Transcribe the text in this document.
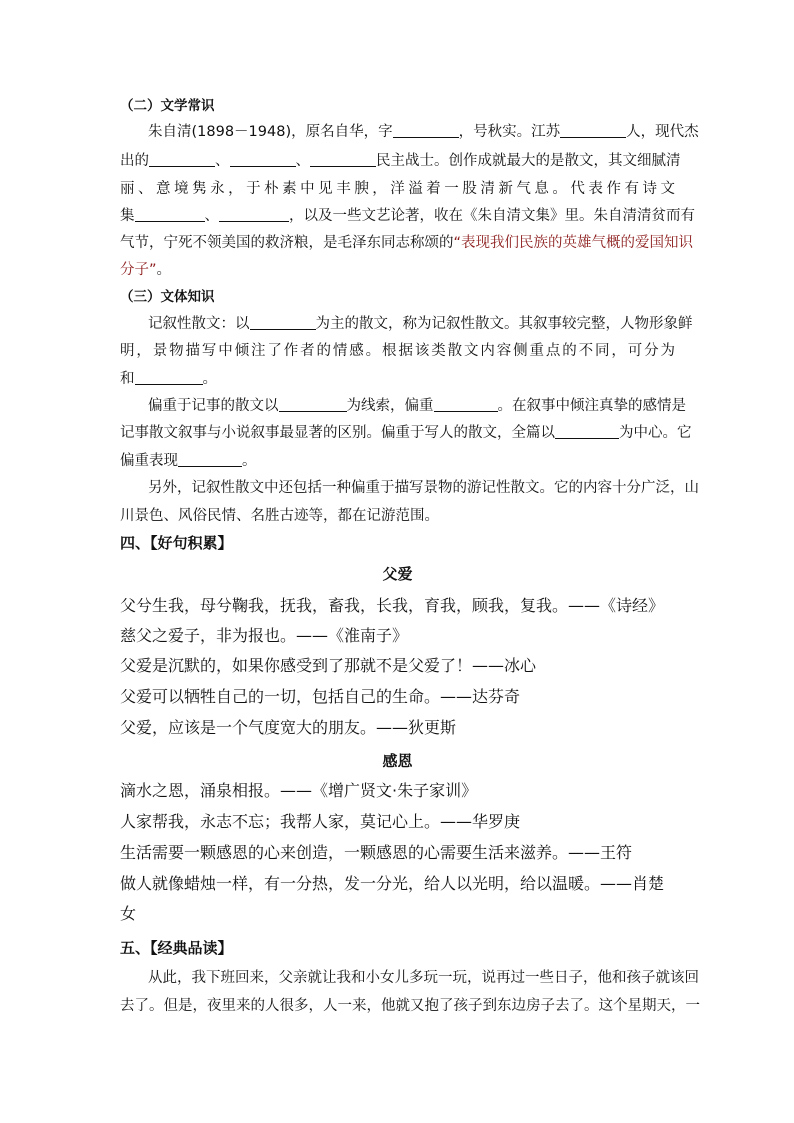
（二）文学常识
朱自清(1898－1948)，原名自华，字	，号秋实。江苏	人，现代杰
出的	、	、	民主战士。创作成就最大的是散文，其文细腻清
丽、意境隽永，于朴素中见丰腴，洋溢着一股清新气息。代表作有诗文
集	、	，以及一些文艺论著，收在《朱自清文集》里。朱自清清贫而有
气节，宁死不领美国的救济粮，是毛泽东同志称颂的“表现我们民族的英雄气概的爱国知识
分子”。
（三）文体知识
记叙性散文：以	为主的散文，称为记叙性散文。其叙事较完整，人物形象鲜
明，景物描写中倾注了作者的情感。根据该类散文内容侧重点的不同，可分为
和	。
偏重于记事的散文以	为线索，偏重	。在叙事中倾注真挚的感情是
记事散文叙事与小说叙事最显著的区别。偏重于写人的散文，全篇以	为中心。它
偏重表现	。
另外，记叙性散文中还包括一种偏重于描写景物的游记性散文。它的内容十分广泛，山
川景色、风俗民情、名胜古迹等，都在记游范围。
四、【好句积累】
父爱
父兮生我，母兮鞠我，抚我，畜我，长我，育我，顾我，复我。——《诗经》
慈父之爱子，非为报也。——《淮南子》
父爱是沉默的，如果你感受到了那就不是父爱了！——冰心
父爱可以牺牲自己的一切，包括自己的生命。——达芬奇
父爱，应该是一个气度宽大的朋友。——狄更斯
感恩
滴水之恩，涌泉相报。——《增广贤文·朱子家训》
人家帮我，永志不忘；我帮人家，莫记心上。——华罗庚
生活需要一颗感恩的心来创造，一颗感恩的心需要生活来滋养。——王符
做人就像蜡烛一样，有一分热，发一分光，给人以光明，给以温暖。——肖楚
女
五、【经典品读】
从此，我下班回来，父亲就让我和小女儿多玩一玩，说再过一些日子，他和孩子就该回
去了。但是，夜里来的人很多，人一来，他就又抱了孩子到东边房子去了。这个星期天，一
